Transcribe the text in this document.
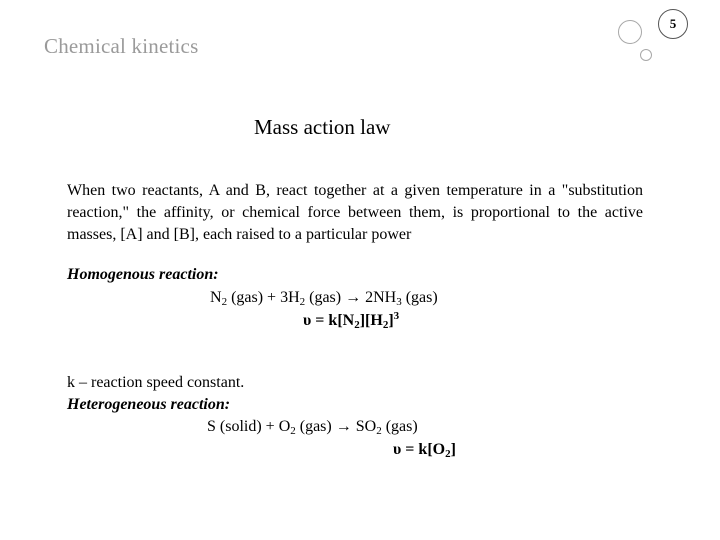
Chemical kinetics
5
Mass action law
When two reactants, A and B, react together at a given temperature in a "substitution reaction," the affinity, or chemical force between them, is proportional to the active masses, [A] and [B], each raised to a particular power
Homogenous reaction:
$N_2$ $(gas) + 3H_2$ $(gas) \to 2NH_3$ (gas)
$\upsilon = k[N_2][H_2]^3$
k – reaction speed constant.
Heterogeneous reaction:
S (solid) + $O_2$ $(gas) \to SO_2$ (gas)
$\upsilon = k[O_2]$
